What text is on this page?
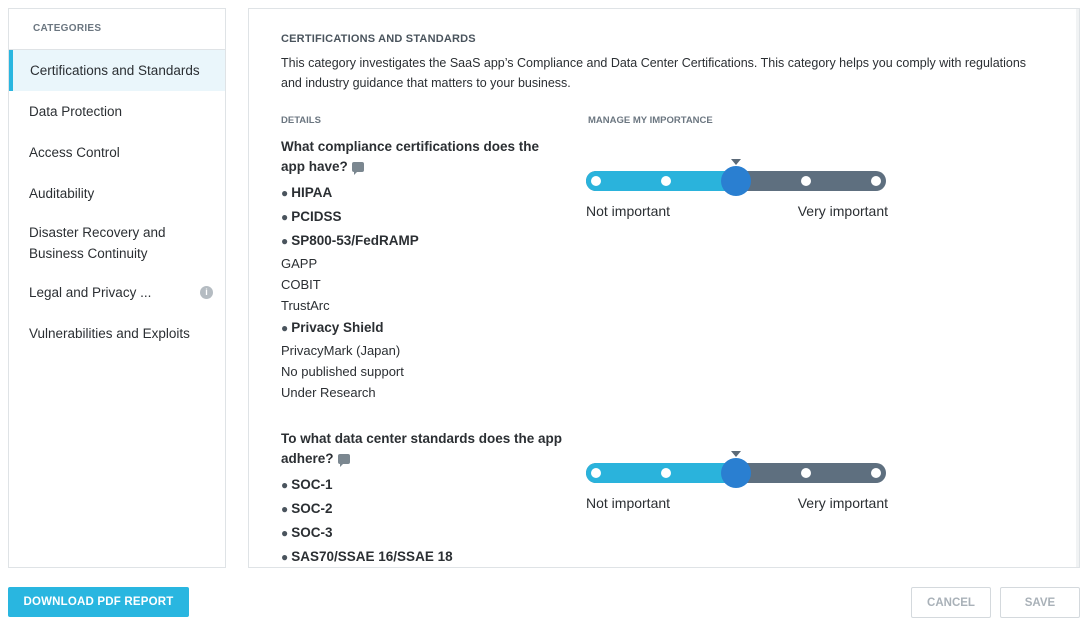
CATEGORIES
Certifications and Standards
Data Protection
Access Control
Auditability
Disaster Recovery and Business Continuity
Legal and Privacy ...	i
Vulnerabilities and Exploits

CERTIFICATIONS AND STANDARDS

This category investigates the SaaS app’s Compliance and Data Center Certifications. This category helps you comply with regulations and industry guidance that matters to your business.

DETAILS	MANAGE MY IMPORTANCE
What compliance certifications does the app have?
● HIPAA
● PCIDSS
● SP800-53/FedRAMP
GAPP
COBIT
TrustArc
● Privacy Shield
PrivacyMark (Japan)
No published support
Under Research
Not important	Very important
To what data center standards does the app adhere?
● SOC-1
● SOC-2
● SOC-3
● SAS70/SSAE 16/SSAE 18
Not important	Very important
DOWNLOAD PDF REPORT	CANCEL	SAVE
